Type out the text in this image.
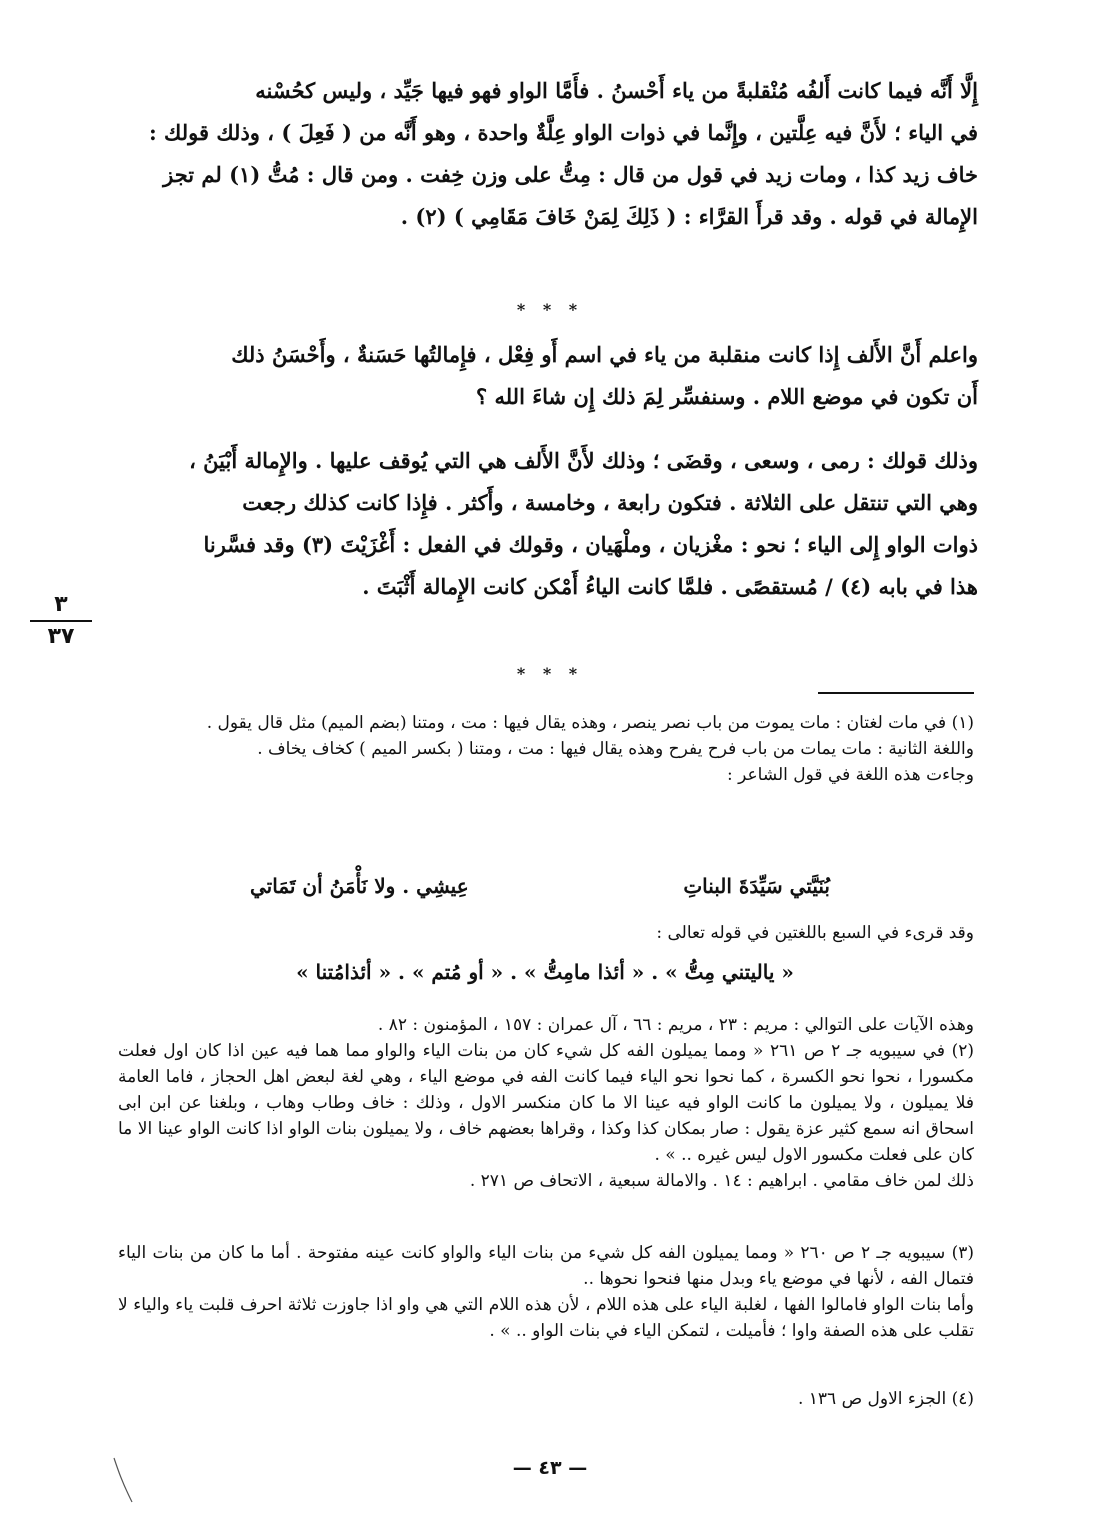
إِلَّا أَنَّه فيما كانت أَلفُه مُنْقلبةً من ياء أَحْسنُ . فأَمَّا الواو فهو فيها جَيِّد ، وليس كحُسْنه

في الياء ؛ لأَنَّ فيه عِلَّتين ، وإِنَّما في ذوات الواو عِلَّةٌ واحدة ، وهو أَنَّه من ( فَعِلَ ) ، وذلك قولك :

خاف زيد كذا ، ومات زيد في قول من قال : مِتُّ على وزن خِفت . ومن قال : مُتُّ (١) لم تجز

الإِمالة في قوله . وقد قرأَ القرَّاء : ( ذَلِكَ لِمَنْ خَافَ مَقَامِي ) (٢) .

* * *

واعلم أَنَّ الأَلف إِذا كانت منقلبة من ياء في اسم أَو فِعْل ، فإِمالتُها حَسَنةٌ ، وأَحْسَنُ ذلك

أَن تكون في موضع اللام . وسنفسِّر لِمَ ذلك إِن شاءَ الله ؟

وذلك قولك : رمى ، وسعى ، وقضَى ؛ وذلك لأَنَّ الأَلف هي التي يُوقف عليها . والإِمالة أَبْيَنُ ،

وهي التي تنتقل على الثلاثة . فتكون رابعة ، وخامسة ، وأَكثر . فإِذا كانت كذلك رجعت

ذوات الواو إِلى الياء ؛ نحو : مغْزيان ، وملْهَيان ، وقولك في الفعل : أَغْزَيْتَ (٣) وقد فسَّرنا

هذا في بابه (٤) / مُستقصًى . فلمَّا كانت الياءُ أَمْكن كانت الإِمالة أَثْبَتَ .

٣
٣٧
* * *

(١) في مات لغتان : مات يموت من باب نصر ينصر ، وهذه يقال فيها : مت ، ومتنا (بضم الميم) مثل قال يقول .

واللغة الثانية : مات يمات من باب فرح يفرح وهذه يقال فيها : مت ، ومتنا ( بكسر الميم ) كخاف يخاف .

وجاءت هذه اللغة في قول الشاعر :

بُنَيَّتي سَيِّدَةَ البناتِ
عِيشِي . ولا نَأْمَنُ أن تَمَاتي

وقد قرىء في السبع باللغتين في قوله تعالى :

« ياليتني مِتُّ » . « أئذا مامِتُّ » . « أو مُتم » . « أئذامُتنا »

وهذه الآيات على التوالي : مريم : ٢٣ ، مريم : ٦٦ ، آل عمران : ١٥٧ ، المؤمنون : ٨٢ .

(٢) في سيبويه جـ ٢ ص ٢٦١ « ومما يميلون الفه كل شيء كان من بنات الياء والواو مما هما فيه عين اذا كان اول فعلت مكسورا ، نحوا نحو الكسرة ، كما نحوا نحو الياء فيما كانت الفه في موضع الياء ، وهي لغة لبعض اهل الحجاز ، فاما العامة فلا يميلون ، ولا يميلون ما كانت الواو فيه عينا الا ما كان منكسر الاول ، وذلك : خاف وطاب وهاب ، وبلغنا عن ابن ابى اسحاق انه سمع كثير عزة يقول : صار بمكان كذا وكذا ، وقراها بعضهم خاف ، ولا يميلون بنات الواو اذا كانت الواو عينا الا ما كان على فعلت مكسور الاول ليس غيره .. » .

ذلك لمن خاف مقامي . ابراهيم : ١٤ . والامالة سبعية ، الاتحاف ص ٢٧١ .

(٣) سيبويه جـ ٢ ص ٢٦٠ « ومما يميلون الفه كل شيء من بنات الياء والواو كانت عينه مفتوحة . أما ما كان من بنات الياء فتمال الفه ، لأنها في موضع ياء وبدل منها فنحوا نحوها ..

وأما بنات الواو فامالوا الفها ، لغلبة الياء على هذه اللام ، لأن هذه اللام التي هي واو اذا جاوزت ثلاثة احرف قلبت ياء والياء لا تقلب على هذه الصفة واوا ؛ فأميلت ، لتمكن الياء في بنات الواو .. » .

(٤) الجزء الاول ص ١٣٦ .

— ٤٣ —
